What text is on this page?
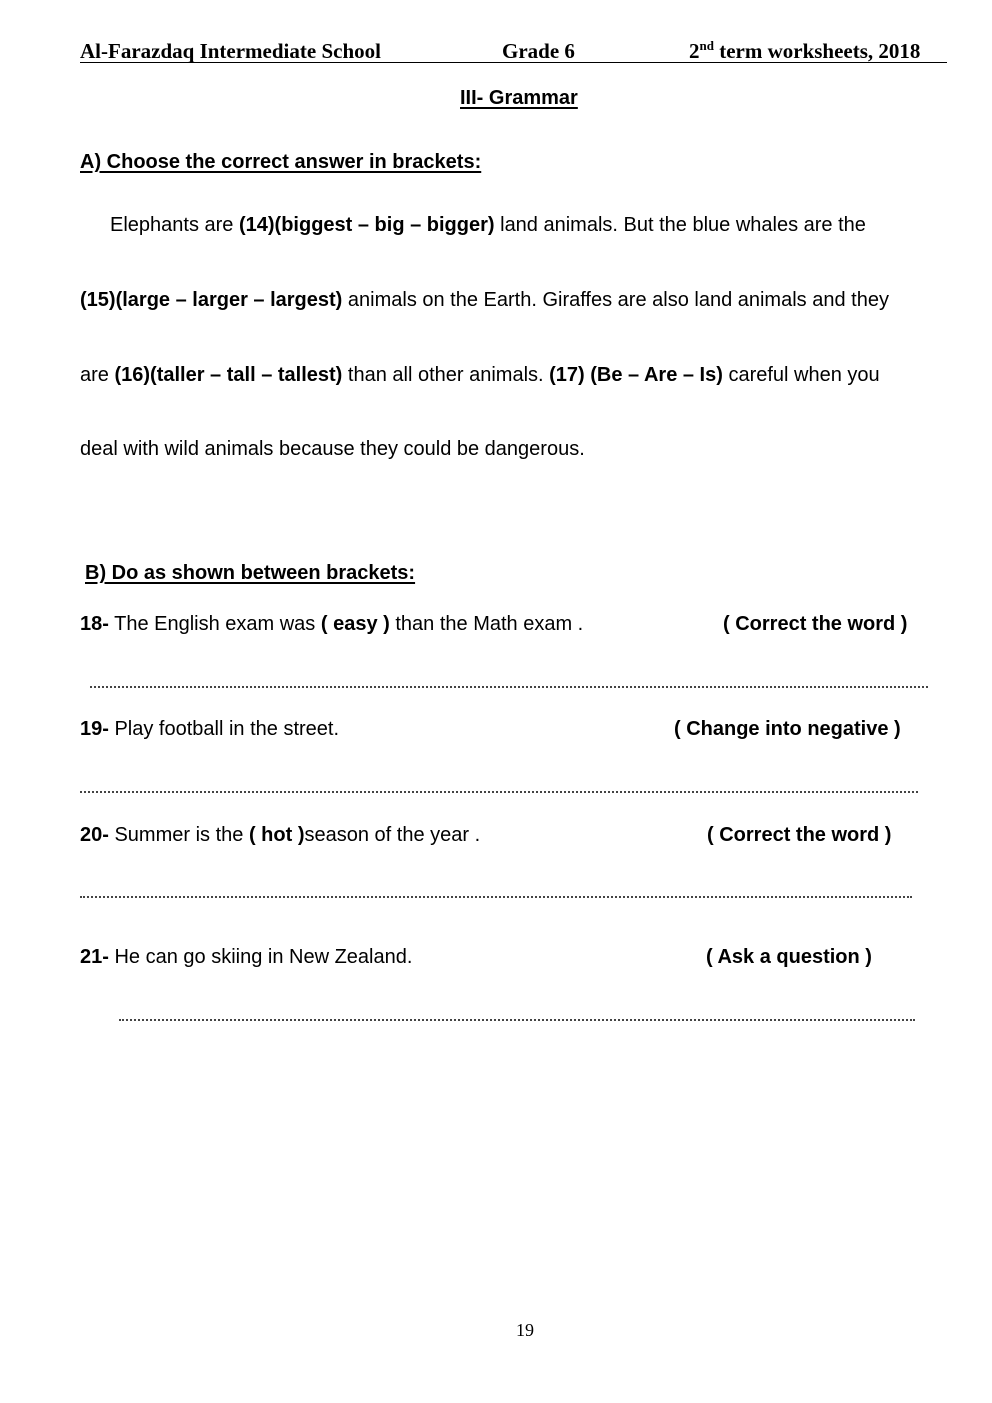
Al-Farazdaq Intermediate School	Grade 6	2nd term worksheets, 2018
III- Grammar
A) Choose the correct answer in brackets:
Elephants are (14)(biggest – big – bigger) land animals. But the blue whales are the
(15)(large – larger – largest) animals on the Earth. Giraffes are also land animals and they
are (16)(taller – tall – tallest) than all other animals. (17) (Be – Are – Is) careful when you
deal with wild animals because they could be dangerous.
B) Do as shown between brackets:
18- The English exam was ( easy ) than the Math exam .	( Correct the word )
19- Play football in the street.	( Change into negative )
20- Summer is the ( hot )season of the year .	( Correct the word )
21- He can go skiing in New Zealand.	( Ask a question )
19
